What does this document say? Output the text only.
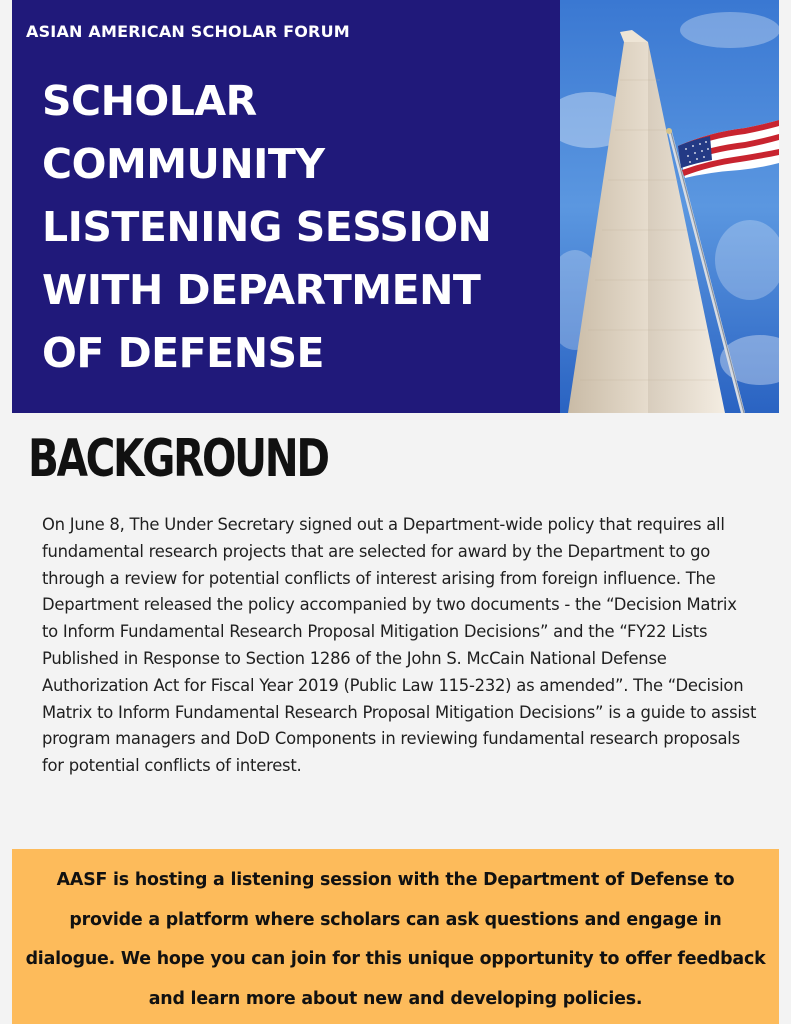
ASIAN AMERICAN SCHOLAR FORUM
SCHOLAR
COMMUNITY
LISTENING SESSION
WITH DEPARTMENT
OF DEFENSE
BACKGROUND

On June 8, The Under Secretary signed out a Department-wide policy that requires all fundamental research projects that are selected for award by the Department to go through a review for potential conflicts of interest arising from foreign influence. The Department released the policy accompanied by two documents - the “Decision Matrix to Inform Fundamental Research Proposal Mitigation Decisions” and the “FY22 Lists Published in Response to Section 1286 of the John S. McCain National Defense Authorization Act for Fiscal Year 2019 (Public Law 115-232) as amended”. The “Decision Matrix to Inform Fundamental Research Proposal Mitigation Decisions” is a guide to assist program managers and DoD Components in reviewing fundamental research proposals for potential conflicts of interest.

AASF is hosting a listening session with the Department of Defense to provide a platform where scholars can ask questions and engage in dialogue. We hope you can join for this unique opportunity to offer feedback and learn more about new and developing policies.
